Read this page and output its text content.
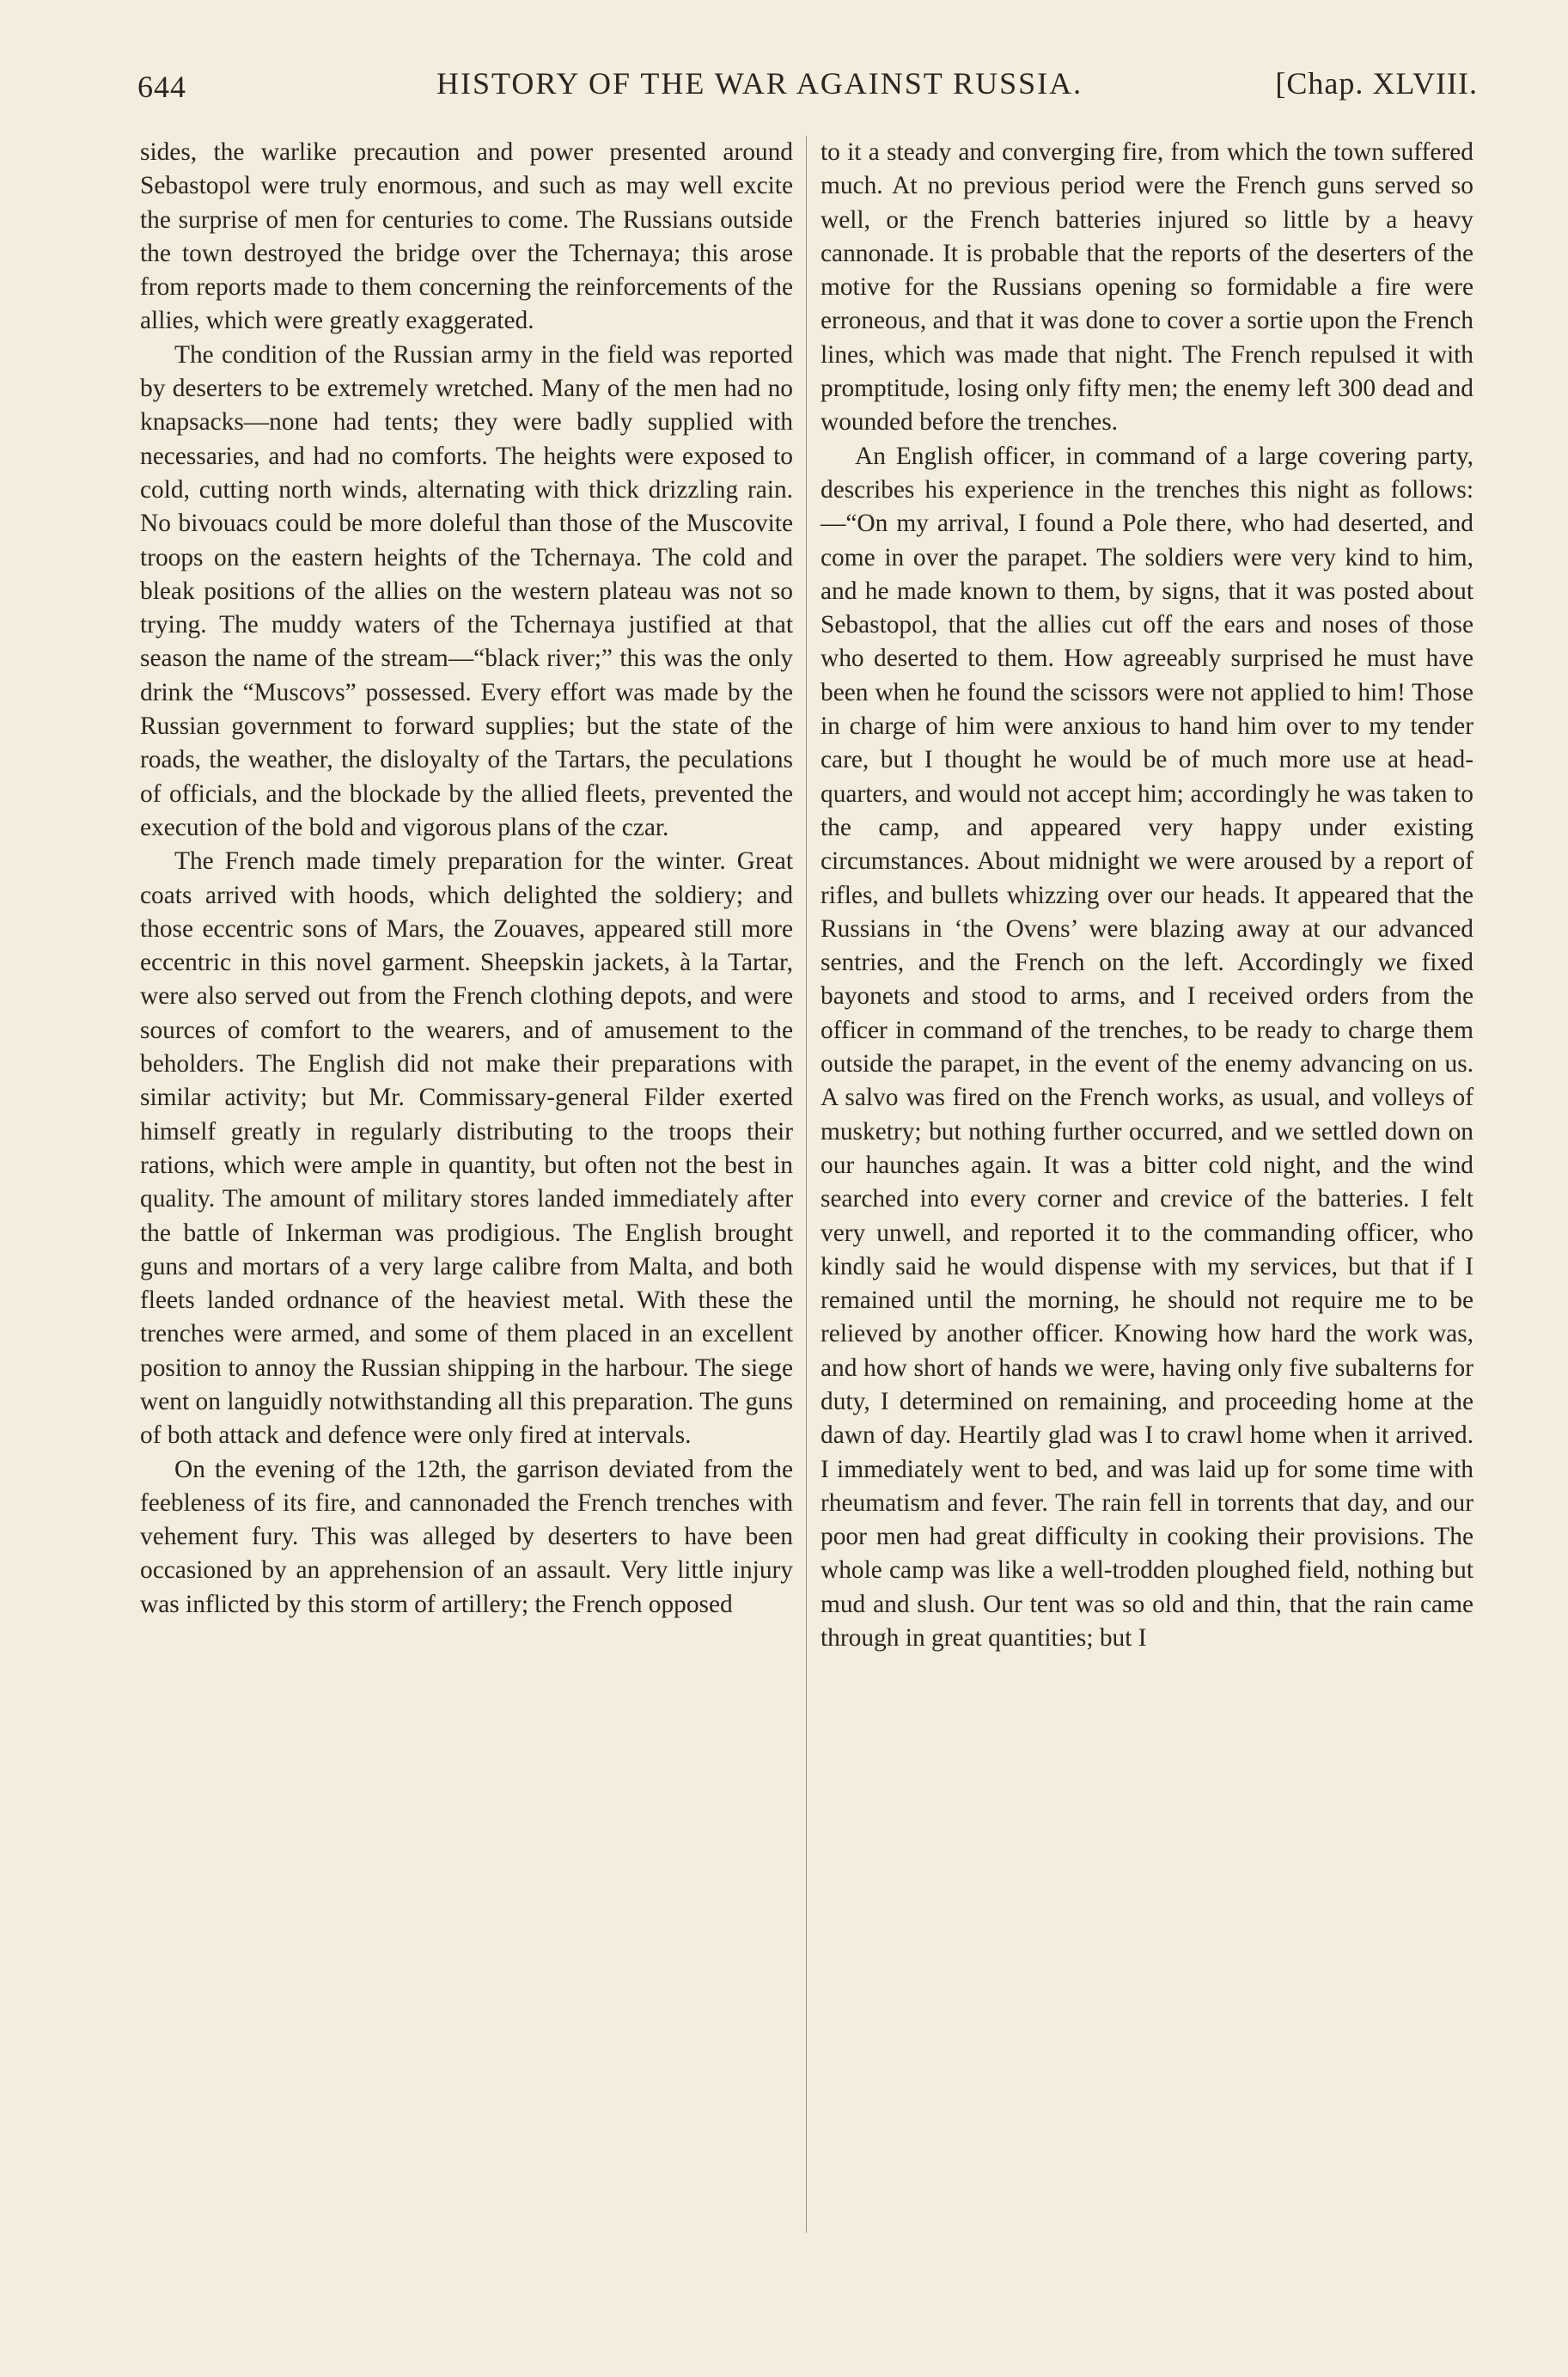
644	HISTORY OF THE WAR AGAINST RUSSIA.	[Chap. XLVIII.

sides, the warlike precaution and power presented around Sebastopol were truly enormous, and such as may well excite the surprise of men for centuries to come. The Russians outside the town destroyed the bridge over the Tchernaya; this arose from reports made to them concerning the reinforcements of the allies, which were greatly exaggerated.

The condition of the Russian army in the field was reported by deserters to be extremely wretched. Many of the men had no knapsacks—none had tents; they were badly supplied with necessaries, and had no comforts. The heights were exposed to cold, cutting north winds, alternating with thick drizzling rain. No bivouacs could be more doleful than those of the Muscovite troops on the eastern heights of the Tchernaya. The cold and bleak positions of the allies on the western plateau was not so trying. The muddy waters of the Tchernaya justified at that season the name of the stream—“black river;” this was the only drink the “Muscovs” possessed. Every effort was made by the Russian government to forward supplies; but the state of the roads, the weather, the disloyalty of the Tartars, the peculations of officials, and the blockade by the allied fleets, prevented the execution of the bold and vigorous plans of the czar.

The French made timely preparation for the winter. Great coats arrived with hoods, which delighted the soldiery; and those eccentric sons of Mars, the Zouaves, appeared still more eccentric in this novel garment. Sheepskin jackets, à la Tartar, were also served out from the French clothing depots, and were sources of comfort to the wearers, and of amusement to the beholders. The English did not make their preparations with similar activity; but Mr. Commissary-general Filder exerted himself greatly in regularly distributing to the troops their rations, which were ample in quantity, but often not the best in quality. The amount of military stores landed immediately after the battle of Inkerman was prodigious. The English brought guns and mortars of a very large calibre from Malta, and both fleets landed ordnance of the heaviest metal. With these the trenches were armed, and some of them placed in an excellent position to annoy the Russian shipping in the harbour. The siege went on languidly notwithstanding all this preparation. The guns of both attack and defence were only fired at intervals.

On the evening of the 12th, the garrison deviated from the feebleness of its fire, and cannonaded the French trenches with vehement fury. This was alleged by deserters to have been occasioned by an apprehension of an assault. Very little injury was inflicted by this storm of artillery; the French opposed

to it a steady and converging fire, from which the town suffered much. At no previous period were the French guns served so well, or the French batteries injured so little by a heavy cannonade. It is probable that the reports of the deserters of the motive for the Russians opening so formidable a fire were erroneous, and that it was done to cover a sortie upon the French lines, which was made that night. The French repulsed it with promptitude, losing only fifty men; the enemy left 300 dead and wounded before the trenches.

An English officer, in command of a large covering party, describes his experience in the trenches this night as follows:—“On my arrival, I found a Pole there, who had deserted, and come in over the parapet. The soldiers were very kind to him, and he made known to them, by signs, that it was posted about Sebastopol, that the allies cut off the ears and noses of those who deserted to them. How agreeably surprised he must have been when he found the scissors were not applied to him! Those in charge of him were anxious to hand him over to my tender care, but I thought he would be of much more use at head-quarters, and would not accept him; accordingly he was taken to the camp, and appeared very happy under existing circumstances. About midnight we were aroused by a report of rifles, and bullets whizzing over our heads. It appeared that the Russians in ‘the Ovens’ were blazing away at our advanced sentries, and the French on the left. Accordingly we fixed bayonets and stood to arms, and I received orders from the officer in command of the trenches, to be ready to charge them outside the parapet, in the event of the enemy advancing on us. A salvo was fired on the French works, as usual, and volleys of musketry; but nothing further occurred, and we settled down on our haunches again. It was a bitter cold night, and the wind searched into every corner and crevice of the batteries. I felt very unwell, and reported it to the commanding officer, who kindly said he would dispense with my services, but that if I remained until the morning, he should not require me to be relieved by another officer. Knowing how hard the work was, and how short of hands we were, having only five subalterns for duty, I determined on remaining, and proceeding home at the dawn of day. Heartily glad was I to crawl home when it arrived. I immediately went to bed, and was laid up for some time with rheumatism and fever. The rain fell in torrents that day, and our poor men had great difficulty in cooking their provisions. The whole camp was like a well-trodden ploughed field, nothing but mud and slush. Our tent was so old and thin, that the rain came through in great quantities; but I
